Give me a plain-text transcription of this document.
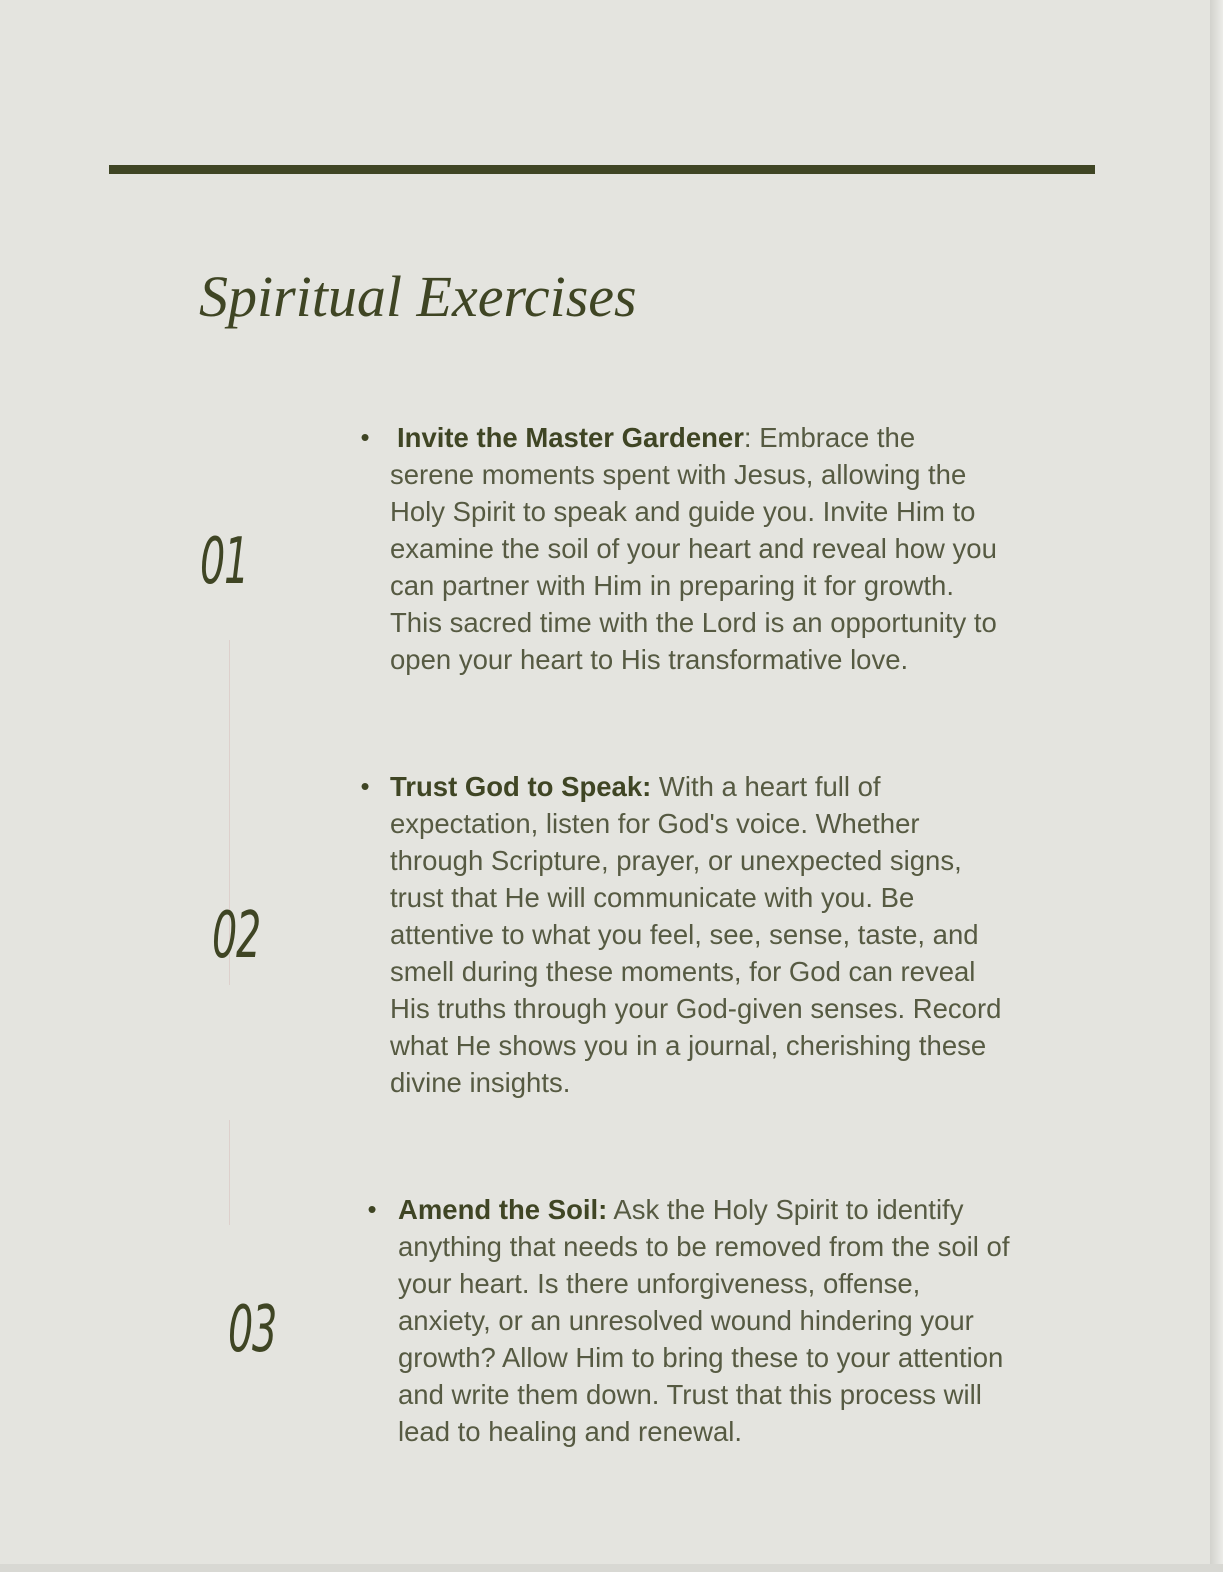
Spiritual Exercises
01
02
03
• Invite the Master Gardener: Embrace the serene moments spent with Jesus, allowing the Holy Spirit to speak and guide you. Invite Him to examine the soil of your heart and reveal how you can partner with Him in preparing it for growth. This sacred time with the Lord is an opportunity to open your heart to His transformative love.
• Trust God to Speak: With a heart full of expectation, listen for God's voice. Whether through Scripture, prayer, or unexpected signs, trust that He will communicate with you. Be attentive to what you feel, see, sense, taste, and smell during these moments, for God can reveal His truths through your God-given senses. Record what He shows you in a journal, cherishing these divine insights.
• Amend the Soil: Ask the Holy Spirit to identify anything that needs to be removed from the soil of your heart. Is there unforgiveness, offense, anxiety, or an unresolved wound hindering your growth? Allow Him to bring these to your attention and write them down. Trust that this process will lead to healing and renewal.
